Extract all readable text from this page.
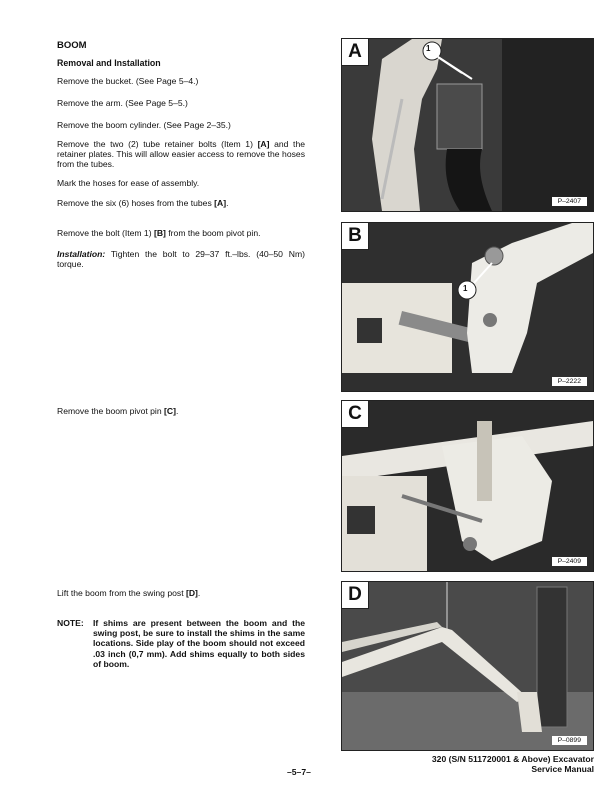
BOOM
Removal and Installation
Remove the bucket. (See Page 5–4.)
Remove the arm. (See Page 5–5.)
Remove the boom cylinder. (See Page 2–35.)
Remove the two (2) tube retainer bolts (Item 1) [A] and the retainer plates. This will allow easier access to remove the hoses from the tubes.
Mark the hoses for ease of assembly.
Remove the six (6) hoses from the tubes [A].
Remove the bolt (Item 1) [B] from the boom pivot pin.
Installation: Tighten the bolt to 29–37 ft.–lbs. (40–50 Nm) torque.
Remove the boom pivot pin [C].
Lift the boom from the swing post [D].
NOTE:	If shims are present between the boom and the swing post, be sure to install the shims in the same locations. Side play of the boom should not exceed .03 inch (0,7 mm). Add shims equally to both sides of boom.
A	1
P–2407
B
1
P–2222
C
P–2409
D
P–0899
–5–7–
320 (S/N 511720001 & Above) Excavator
Service Manual
